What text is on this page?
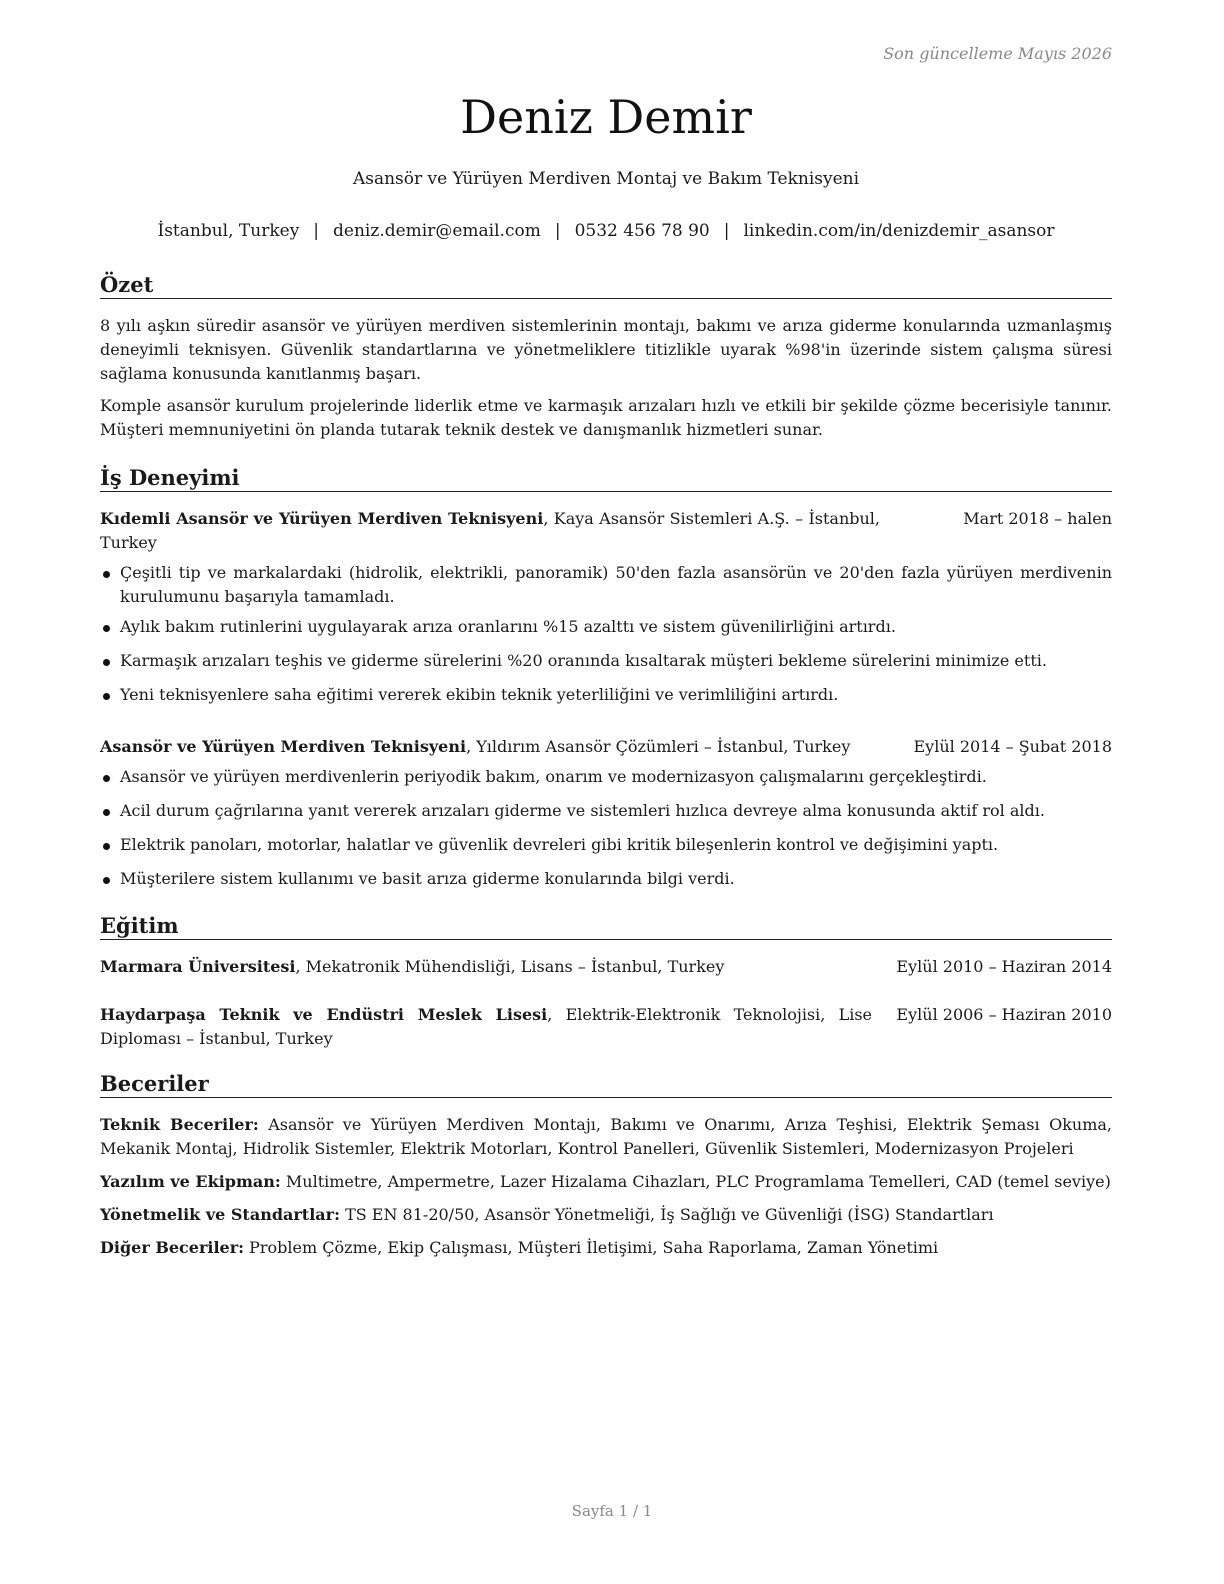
Son güncelleme Mayıs 2026
Deniz Demir
Asansör ve Yürüyen Merdiven Montaj ve Bakım Teknisyeni
İstanbul, Turkey | deniz.demir@email.com | 0532 456 78 90 | linkedin.com/in/denizdemir_asansor
Özet

8 yılı aşkın süredir asansör ve yürüyen merdiven sistemlerinin montajı, bakımı ve arıza giderme konularında uzmanlaşmış deneyimli teknisyen. Güvenlik standartlarına ve yönetmeliklere titizlikle uyarak %98'in üzerinde sistem çalışma süresi sağlama konusunda kanıtlanmış başarı.

Komple asansör kurulum projelerinde liderlik etme ve karmaşık arızaları hızlı ve etkili bir şekilde çözme becerisiyle tanınır. Müşteri memnuniyetini ön planda tutarak teknik destek ve danışmanlık hizmetleri sunar.

İş Deneyimi
Kıdemli Asansör ve Yürüyen Merdiven Teknisyeni, Kaya Asansör Sistemleri A.Ş. – İstanbul, Turkey
Mart 2018 – halen
Çeşitli tip ve markalardaki (hidrolik, elektrikli, panoramik) 50'den fazla asansörün ve 20'den fazla yürüyen merdivenin kurulumunu başarıyla tamamladı.
Aylık bakım rutinlerini uygulayarak arıza oranlarını %15 azalttı ve sistem güvenilirliğini artırdı.
Karmaşık arızaları teşhis ve giderme sürelerini %20 oranında kısaltarak müşteri bekleme sürelerini minimize etti.
Yeni teknisyenlere saha eğitimi vererek ekibin teknik yeterliliğini ve verimliliğini artırdı.
Asansör ve Yürüyen Merdiven Teknisyeni, Yıldırım Asansör Çözümleri – İstanbul, Turkey	Eylül 2014 – Şubat 2018
Asansör ve yürüyen merdivenlerin periyodik bakım, onarım ve modernizasyon çalışmalarını gerçekleştirdi.
Acil durum çağrılarına yanıt vererek arızaları giderme ve sistemleri hızlıca devreye alma konusunda aktif rol aldı.
Elektrik panoları, motorlar, halatlar ve güvenlik devreleri gibi kritik bileşenlerin kontrol ve değişimini yaptı.
Müşterilere sistem kullanımı ve basit arıza giderme konularında bilgi verdi.
Eğitim
Marmara Üniversitesi, Mekatronik Mühendisliği, Lisans – İstanbul, Turkey	Eylül 2010 – Haziran 2014
Haydarpaşa Teknik ve Endüstri Meslek Lisesi, Elektrik-Elektronik Teknolojisi, Lise Diploması – İstanbul, Turkey
Eylül 2006 – Haziran 2010
Beceriler

Teknik Beceriler: Asansör ve Yürüyen Merdiven Montajı, Bakımı ve Onarımı, Arıza Teşhisi, Elektrik Şeması Okuma, Mekanik Montaj, Hidrolik Sistemler, Elektrik Motorları, Kontrol Panelleri, Güvenlik Sistemleri, Modernizasyon Projeleri

Yazılım ve Ekipman: Multimetre, Ampermetre, Lazer Hizalama Cihazları, PLC Programlama Temelleri, CAD (temel seviye)

Yönetmelik ve Standartlar: TS EN 81-20/50, Asansör Yönetmeliği, İş Sağlığı ve Güvenliği (İSG) Standartları

Diğer Beceriler: Problem Çözme, Ekip Çalışması, Müşteri İletişimi, Saha Raporlama, Zaman Yönetimi

Sayfa 1 / 1
